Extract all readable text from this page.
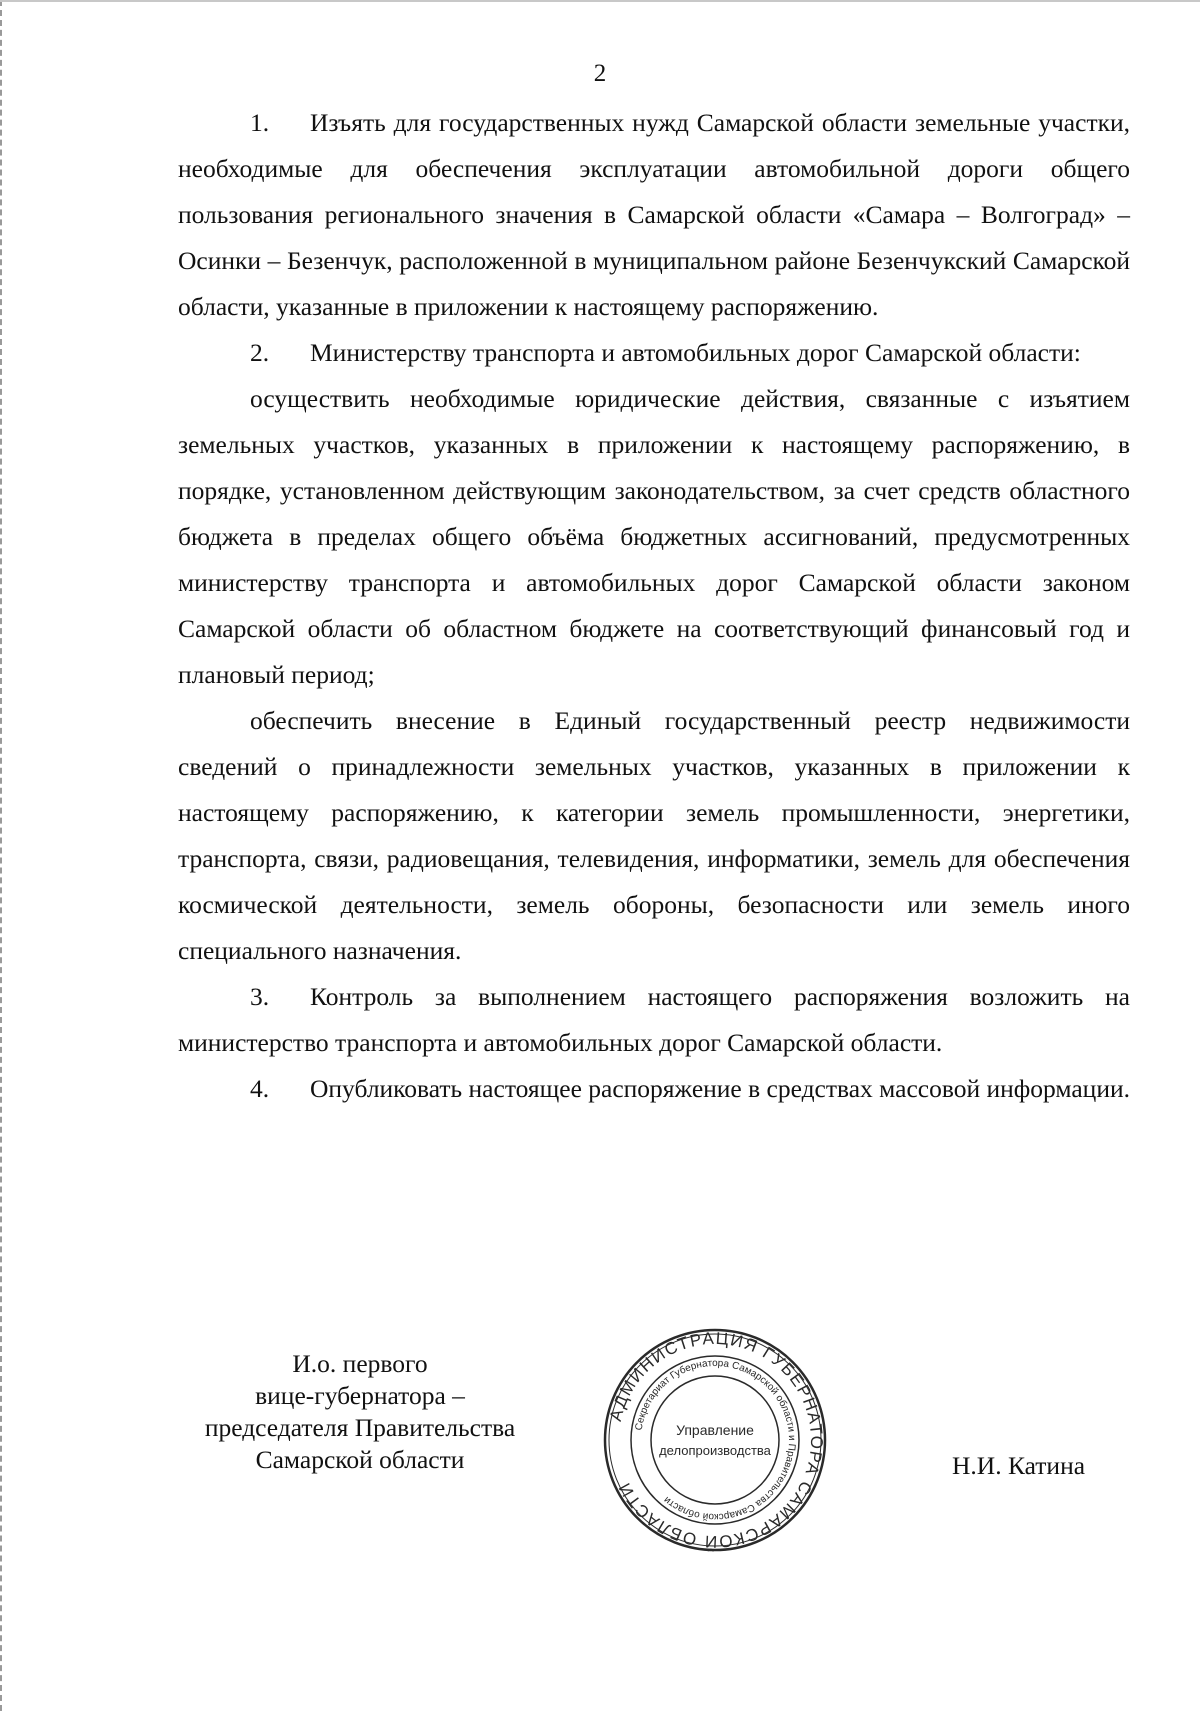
2

1. Изъять для государственных нужд Самарской области земельные участки, необходимые для обеспечения эксплуатации автомобильной дороги общего пользования регионального значения в Самарской области «Самара – Волгоград» – Осинки – Безенчук, расположенной в муниципальном районе Безенчукский Самарской области, указанные в приложении к настоящему распоряжению.

2. Министерству транспорта и автомобильных дорог Самарской области:

осуществить необходимые юридические действия, связанные с изъятием земельных участков, указанных в приложении к настоящему распоряжению, в порядке, установленном действующим законодательством, за счет средств областного бюджета в пределах общего объёма бюджетных ассигнований, предусмотренных министерству транспорта и автомобильных дорог Самарской области законом Самарской области об областном бюджете на соответствующий финансовый год и плановый период;

обеспечить внесение в Единый государственный реестр недвижимости сведений о принадлежности земельных участков, указанных в приложении к настоящему распоряжению, к категории земель промышленности, энергетики, транспорта, связи, радиовещания, телевидения, информатики, земель для обеспечения космической деятельности, земель обороны, безопасности или земель иного специального назначения.

3. Контроль за выполнением настоящего распоряжения возложить на министерство транспорта и автомобильных дорог Самарской области.

4. Опубликовать настоящее распоряжение в средствах массовой информации.

И.о. первого
вице-губернатора –
председателя Правительства
Самарской области
АДМИНИСТРАЦИЯ ГУБЕРНАТОРА САМАРСКОЙ ОБЛАСТИ
Секретариат Губернатора Самарской области и Правительства Самарской области
Управление
делопроизводства
Н.И. Катина
